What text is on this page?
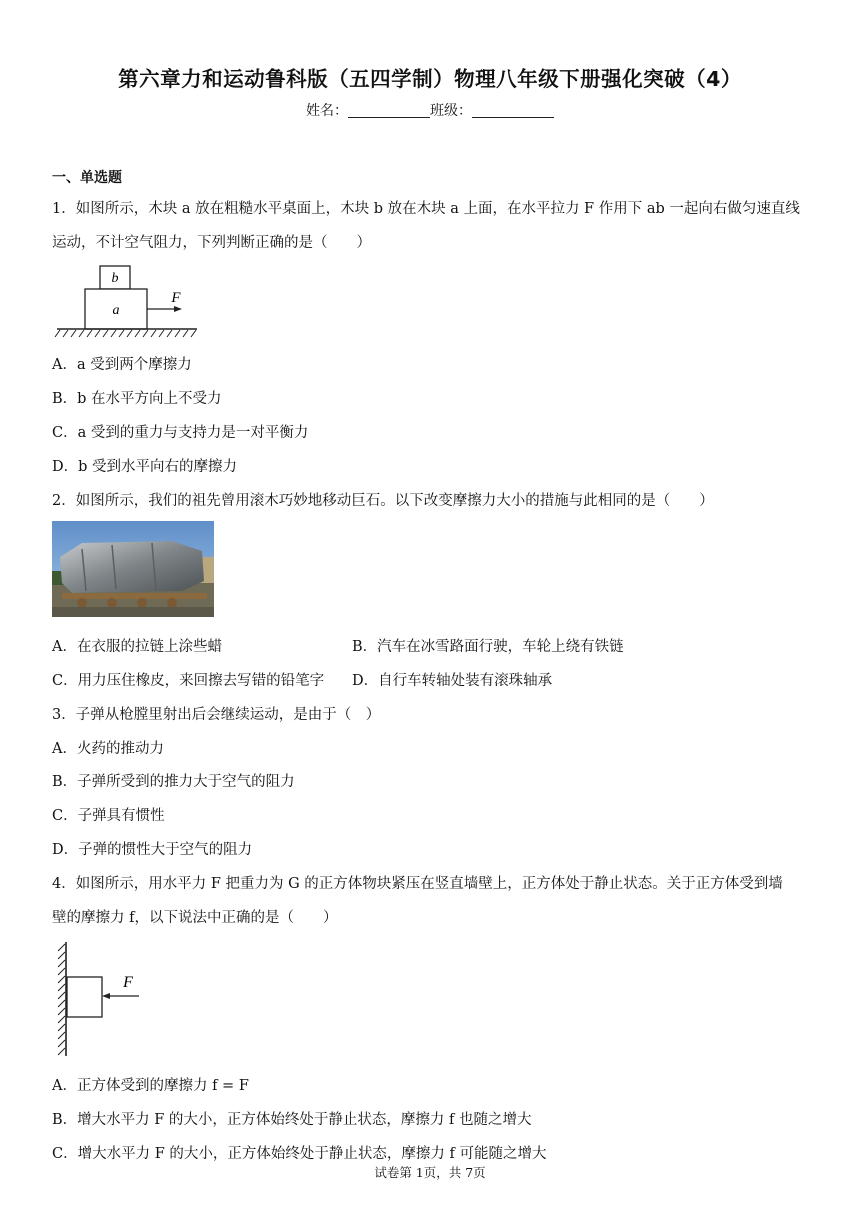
第六章力和运动鲁科版（五四学制）物理八年级下册强化突破（4）
姓名：	班级：
一、单选题
1．如图所示，木块 a 放在粗糙水平桌面上，木块 b 放在木块 a 上面，在水平拉力 F 作用下 ab 一起向右做匀速直线
运动，不计空气阻力，下列判断正确的是（　　）
b
a
F
A．a 受到两个摩擦力
B．b 在水平方向上不受力
C．a 受到的重力与支持力是一对平衡力
D．b 受到水平向右的摩擦力
2．如图所示，我们的祖先曾用滚木巧妙地移动巨石。以下改变摩擦力大小的措施与此相同的是（　　）
A．在衣服的拉链上涂些蜡	B．汽车在冰雪路面行驶，车轮上绕有铁链
C．用力压住橡皮，来回擦去写错的铅笔字 D．自行车转轴处装有滚珠轴承
3．子弹从枪膛里射出后会继续运动，是由于（　）
A．火药的推动力
B．子弹所受到的推力大于空气的阻力
C．子弹具有惯性
D．子弹的惯性大于空气的阻力
4．如图所示，用水平力 F 把重力为 G 的正方体物块紧压在竖直墙壁上，正方体处于静止状态。关于正方体受到墙
壁的摩擦力 f，以下说法中正确的是（　　）
F
A．正方体受到的摩擦力 f = F
B．增大水平力 F 的大小，正方体始终处于静止状态，摩擦力 f 也随之增大
C．增大水平力 F 的大小，正方体始终处于静止状态，摩擦力 f 可能随之增大
试卷第 1页，共 7页
